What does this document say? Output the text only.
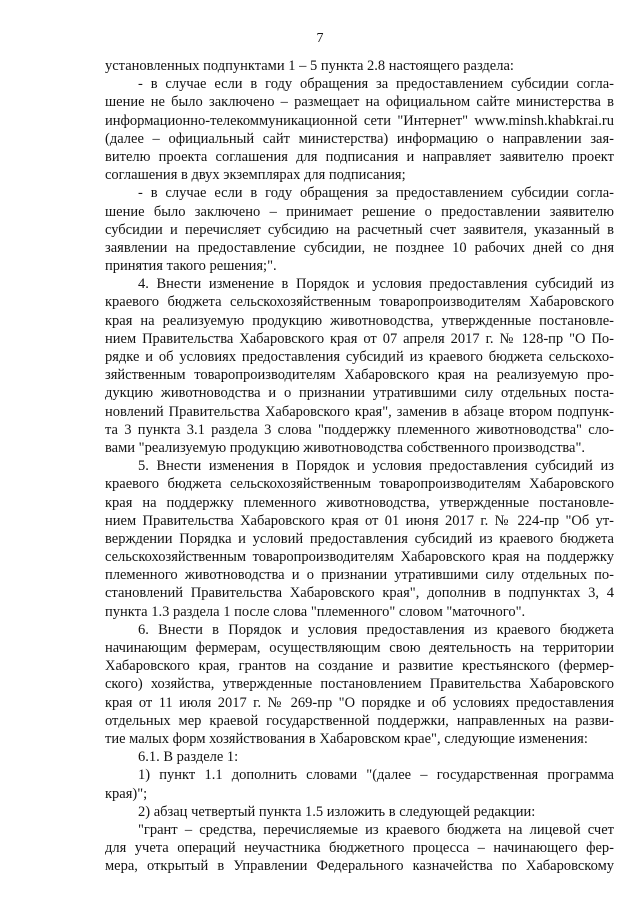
7
установленных подпунктами 1 – 5 пункта 2.8 настоящего раздела:
- в случае если в году обращения за предоставлением субсидии согла-
шение не было заключено – размещает на официальном сайте министерства в
информационно-телекоммуникационной сети "Интернет" www.minsh.khabkrai.ru
(далее – официальный сайт министерства) информацию о направлении зая-
вителю проекта соглашения для подписания и направляет заявителю проект
соглашения в двух экземплярах для подписания;
- в случае если в году обращения за предоставлением субсидии согла-
шение было заключено – принимает решение о предоставлении заявителю
субсидии и перечисляет субсидию на расчетный счет заявителя, указанный в
заявлении на предоставление субсидии, не позднее 10 рабочих дней со дня
принятия такого решения;".
4. Внести изменение в Порядок и условия предоставления субсидий из
краевого бюджета сельскохозяйственным товаропроизводителям Хабаровского
края на реализуемую продукцию животноводства, утвержденные постановле-
нием Правительства Хабаровского края от 07 апреля 2017 г. № 128-пр "О По-
рядке и об условиях предоставления субсидий из краевого бюджета сельскохо-
зяйственным товаропроизводителям Хабаровского края на реализуемую про-
дукцию животноводства и о признании утратившими силу отдельных поста-
новлений Правительства Хабаровского края", заменив в абзаце втором подпунк-
та 3 пункта 3.1 раздела 3 слова "поддержку племенного животноводства" сло-
вами "реализуемую продукцию животноводства собственного производства".
5. Внести изменения в Порядок и условия предоставления субсидий из
краевого бюджета сельскохозяйственным товаропроизводителям Хабаровского
края на поддержку племенного животноводства, утвержденные постановле-
нием Правительства Хабаровского края от 01 июня 2017 г. № 224-пр "Об ут-
верждении Порядка и условий предоставления субсидий из краевого бюджета
сельскохозяйственным товаропроизводителям Хабаровского края на поддержку
племенного животноводства и о признании утратившими силу отдельных по-
становлений Правительства Хабаровского края", дополнив в подпунктах 3, 4
пункта 1.3 раздела 1 после слова "племенного" словом "маточного".
6. Внести в Порядок и условия предоставления из краевого бюджета
начинающим фермерам, осуществляющим свою деятельность на территории
Хабаровского края, грантов на создание и развитие крестьянского (фермер-
ского) хозяйства, утвержденные постановлением Правительства Хабаровского
края от 11 июля 2017 г. № 269-пр "О порядке и об условиях предоставления
отдельных мер краевой государственной поддержки, направленных на разви-
тие малых форм хозяйствования в Хабаровском крае", следующие изменения:
6.1. В разделе 1:
1) пункт 1.1 дополнить словами "(далее – государственная программа
края)";
2) абзац четвертый пункта 1.5 изложить в следующей редакции:
"грант – средства, перечисляемые из краевого бюджета на лицевой счет
для учета операций неучастника бюджетного процесса – начинающего фер-
мера, открытый в Управлении Федерального казначейства по Хабаровскому
